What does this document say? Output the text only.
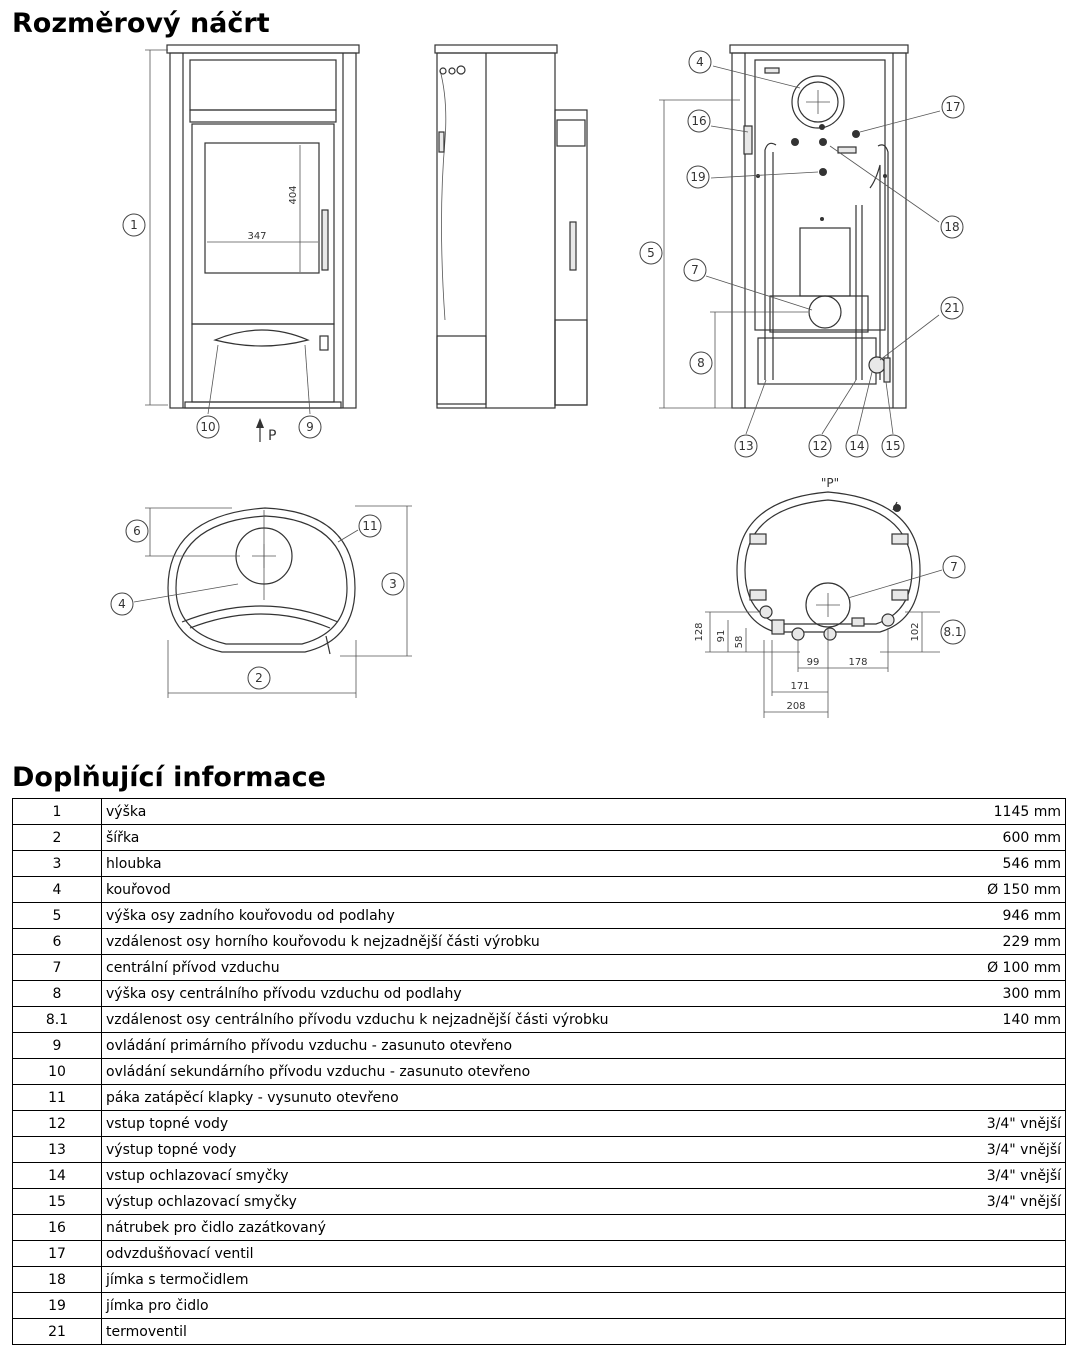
Rozměrový náčrt
347
404
P
"P"
128 91 58
102
99	178
171
208
1
10	9
4
16
19
5
7
8
17
18
21
13	12 14 15
6	11
3
4
2
7
8.1
Doplňující informace
1	výška	1145 mm
2	šířka	600 mm
3	hloubka	546 mm
4	kouřovod	Ø 150 mm
5	výška osy zadního kouřovodu od podlahy	946 mm
6	vzdálenost osy horního kouřovodu k nejzadnější části výrobku	229 mm
7	centrální přívod vzduchu	Ø 100 mm
8	výška osy centrálního přívodu vzduchu od podlahy	300 mm
8.1	vzdálenost osy centrálního přívodu vzduchu k nejzadnější části výrobku	140 mm
9	ovládání primárního přívodu vzduchu - zasunuto otevřeno	
10	ovládání sekundárního přívodu vzduchu - zasunuto otevřeno	
11	páka zatápěcí klapky - vysunuto otevřeno	
12	vstup topné vody	3/4" vnější
13	výstup topné vody	3/4" vnější
14	vstup ochlazovací smyčky	3/4" vnější
15	výstup ochlazovací smyčky	3/4" vnější
16	nátrubek pro čidlo zazátkovaný	
17	odvzdušňovací ventil	
18	jímka s termočidlem	
19	jímka pro čidlo	
21	termoventil	
